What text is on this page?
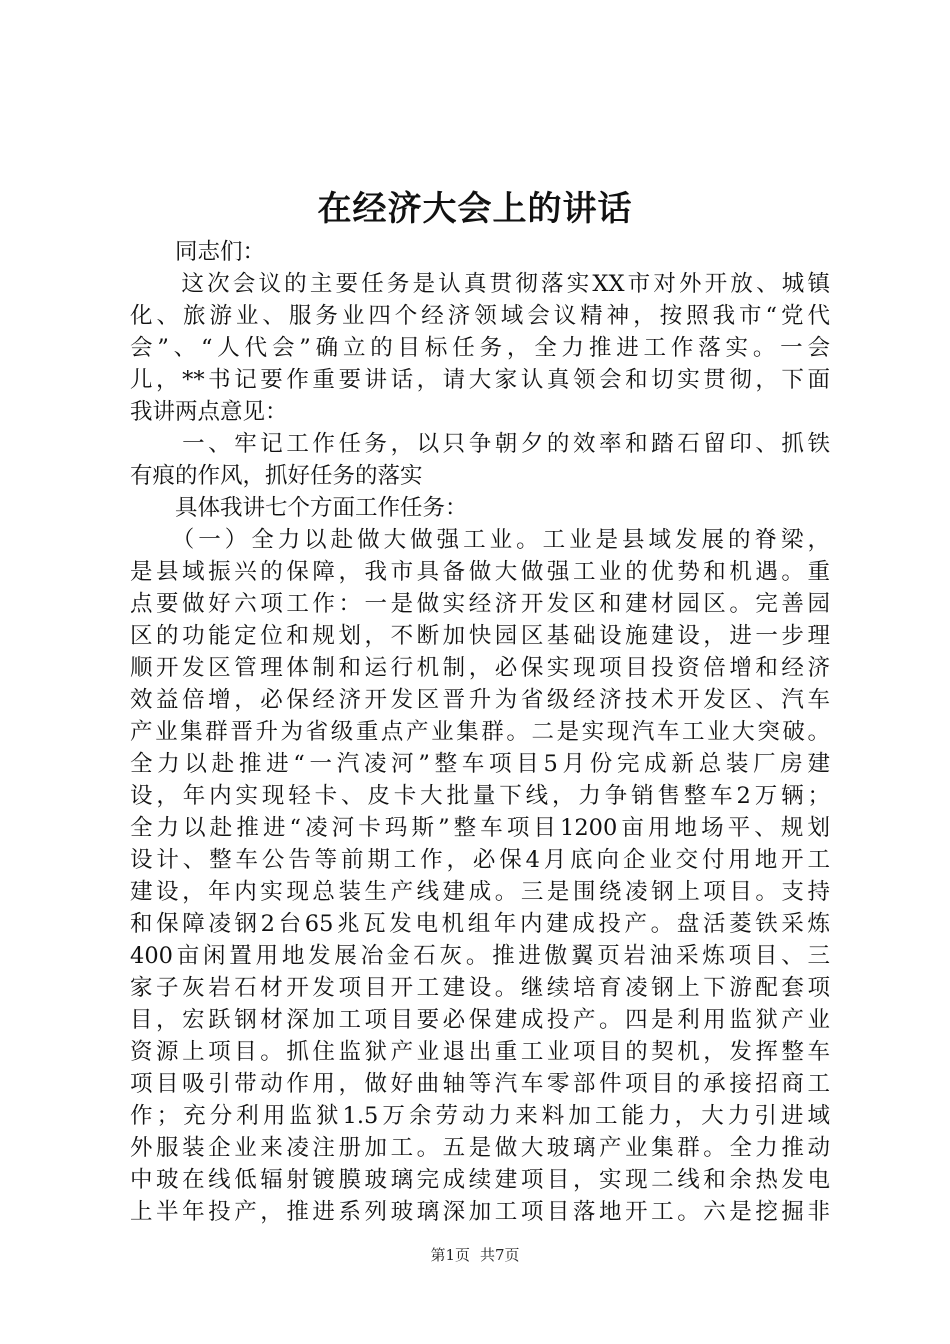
在经济大会上的讲话
　　同志们：
　　这次会议的主要任务是认真贯彻落实XX市对外开放、城镇
化、旅游业、服务业四个经济领域会议精神，按照我市“党代
会”、“人代会”确立的目标任务，全力推进工作落实。一会
儿，**书记要作重要讲话，请大家认真领会和切实贯彻，下面
我讲两点意见：
　　一、牢记工作任务，以只争朝夕的效率和踏石留印、抓铁
有痕的作风，抓好任务的落实
　　具体我讲七个方面工作任务：
　　（一）全力以赴做大做强工业。工业是县域发展的脊梁，
是县域振兴的保障，我市具备做大做强工业的优势和机遇。重
点要做好六项工作：一是做实经济开发区和建材园区。完善园
区的功能定位和规划，不断加快园区基础设施建设，进一步理
顺开发区管理体制和运行机制，必保实现项目投资倍增和经济
效益倍增，必保经济开发区晋升为省级经济技术开发区、汽车
产业集群晋升为省级重点产业集群。二是实现汽车工业大突破。
全力以赴推进“一汽凌河”整车项目5月份完成新总装厂房建
设，年内实现轻卡、皮卡大批量下线，力争销售整车2万辆；
全力以赴推进“凌河卡玛斯”整车项目1200亩用地场平、规划
设计、整车公告等前期工作，必保4月底向企业交付用地开工
建设，年内实现总装生产线建成。三是围绕凌钢上项目。支持
和保障凌钢2台65兆瓦发电机组年内建成投产。盘活菱铁采炼
400亩闲置用地发展冶金石灰。推进傲翼页岩油采炼项目、三
家子灰岩石材开发项目开工建设。继续培育凌钢上下游配套项
目，宏跃钢材深加工项目要必保建成投产。四是利用监狱产业
资源上项目。抓住监狱产业退出重工业项目的契机，发挥整车
项目吸引带动作用，做好曲轴等汽车零部件项目的承接招商工
作；充分利用监狱1.5万余劳动力来料加工能力，大力引进域
外服装企业来凌注册加工。五是做大玻璃产业集群。全力推动
中玻在线低辐射镀膜玻璃完成续建项目，实现二线和余热发电
上半年投产，推进系列玻璃深加工项目落地开工。六是挖掘非
第1页 共7页
